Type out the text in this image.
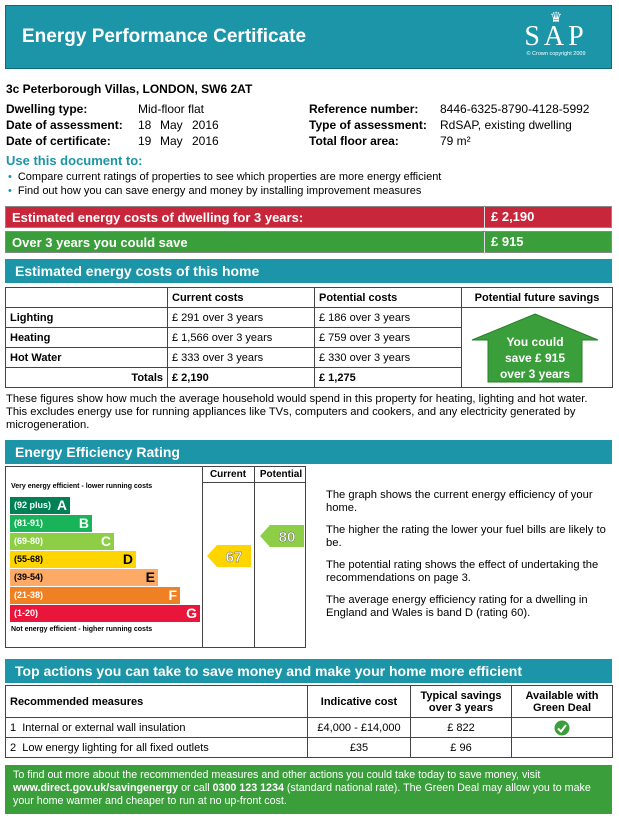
Energy Performance Certificate
♛
SAP
© Crown copyright 2009
3c Peterborough Villas, LONDON, SW6 2AT
Dwelling type:	Mid-floor flat
Date of assessment: 18 May 2016
Date of certificate: 19 May 2016
Reference number: 8446-6325-8790-4128-5992
Type of assessment: RdSAP, existing dwelling
Total floor area:	79 m²
Use this document to:
• Compare current ratings of properties to see which properties are more energy efficient
• Find out how you can save energy and money by installing improvement measures
Estimated energy costs of dwelling for 3 years:	£ 2,190
Over 3 years you could save	£ 915
Estimated energy costs of this home
	Current costs	Potential costs	Potential future savings
Lighting	£ 291 over 3 years	£ 186 over 3 years	
Heating	£ 1,566 over 3 years	£ 759 over 3 years	
Hot Water	£ 333 over 3 years	£ 330 over 3 years	
Totals	£ 2,190	£ 1,275	
You could
save £ 915
over 3 years
These figures show how much the average household would spend in this property for heating, lighting and hot water. This excludes energy use for running appliances like TVs, computers and cookers, and any electricity generated by microgeneration.
Energy Efficiency Rating
Current	Potential
Very energy efficient - lower running costs
(92 plus) A
(81-91)	B
(69-80)	C
(55-68)	D
(39-54)	E
(21-38)	F
(1-20)	G
Not energy efficient - higher running costs
67
80

The graph shows the current energy efficiency of your home.

The higher the rating the lower your fuel bills are likely to be.

The potential rating shows the effect of undertaking the recommendations on page 3.

The average energy efficiency rating for a dwelling in England and Wales is band D (rating 60).

Top actions you can take to save money and make your home more efficient
Recommended measures	Indicative cost	Typical savings over 3 years	Available with Green Deal
1 Internal or external wall insulation	£4,000 - £14,000	£ 822	
2 Low energy lighting for all fixed outlets	£35	£ 96	
To find out more about the recommended measures and other actions you could take today to save money, visit www.direct.gov.uk/savingenergy or call 0300 123 1234 (standard national rate). The Green Deal may allow you to make your home warmer and cheaper to run at no up-front cost.
